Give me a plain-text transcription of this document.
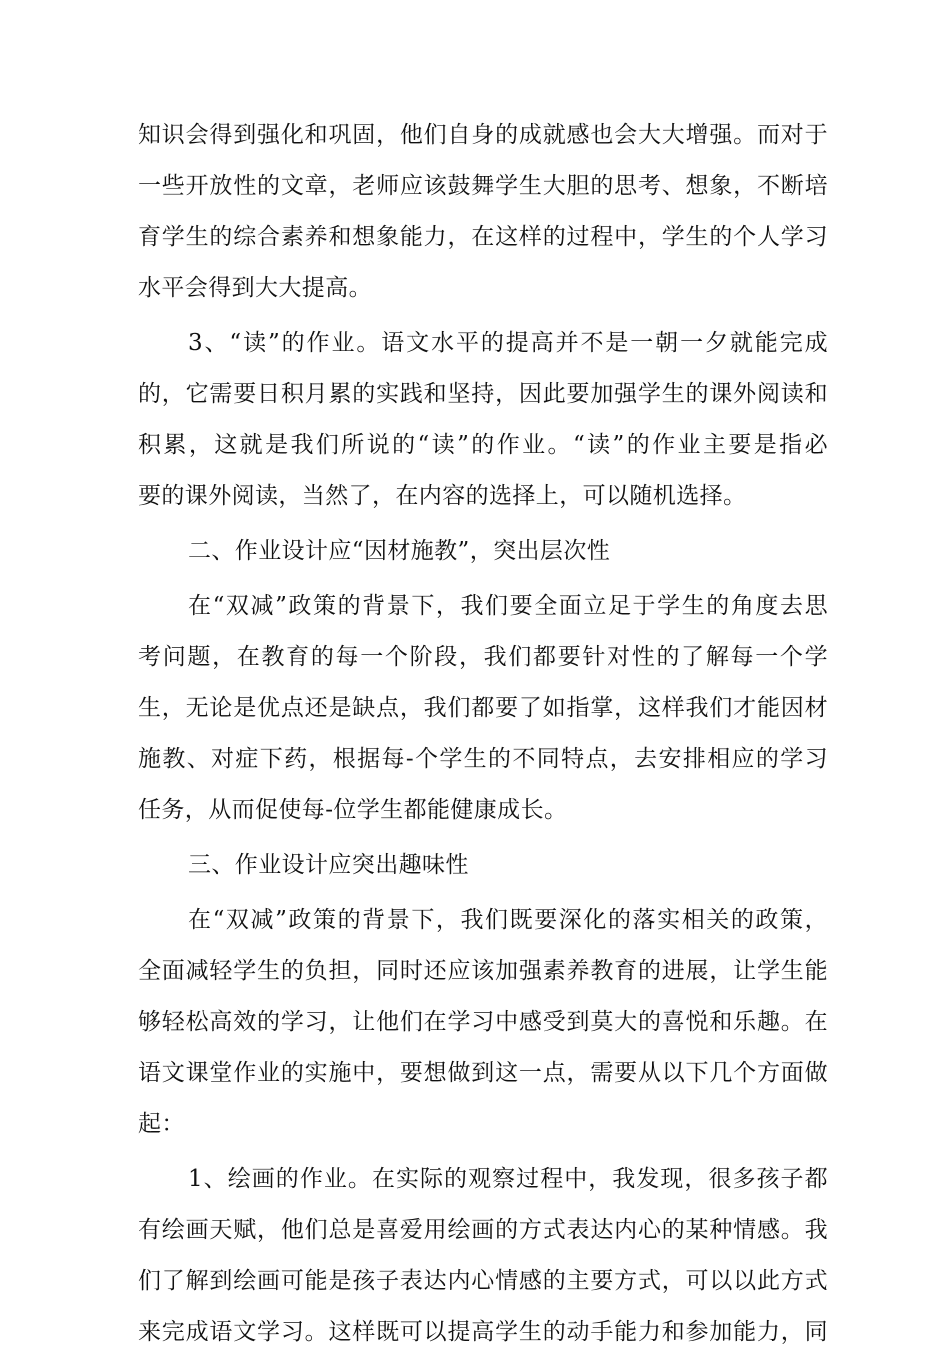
知识会得到强化和巩固，他们自身的成就感也会大大增强。而对于
一些开放性的文章，老师应该鼓舞学生大胆的思考、想象，不断培
育学生的综合素养和想象能力，在这样的过程中，学生的个人学习
水平会得到大大提高。
3、“读”的作业。语文水平的提高并不是一朝一夕就能完成
的，它需要日积月累的实践和坚持，因此要加强学生的课外阅读和
积累，这就是我们所说的“读”的作业。“读”的作业主要是指必
要的课外阅读，当然了，在内容的选择上，可以随机选择。
二、作业设计应“因材施教”，突出层次性
在“双减”政策的背景下，我们要全面立足于学生的角度去思
考问题，在教育的每一个阶段，我们都要针对性的了解每一个学
生，无论是优点还是缺点，我们都要了如指掌，这样我们才能因材
施教、对症下药，根据每-个学生的不同特点，去安排相应的学习
任务，从而促使每-位学生都能健康成长。
三、作业设计应突出趣味性
在“双减”政策的背景下，我们既要深化的落实相关的政策，
全面减轻学生的负担，同时还应该加强素养教育的进展，让学生能
够轻松高效的学习，让他们在学习中感受到莫大的喜悦和乐趣。在
语文课堂作业的实施中，要想做到这一点，需要从以下几个方面做
起：
1、绘画的作业。在实际的观察过程中，我发现，很多孩子都
有绘画天赋，他们总是喜爱用绘画的方式表达内心的某种情感。我
们了解到绘画可能是孩子表达内心情感的主要方式，可以以此方式
来完成语文学习。这样既可以提高学生的动手能力和参加能力，同
